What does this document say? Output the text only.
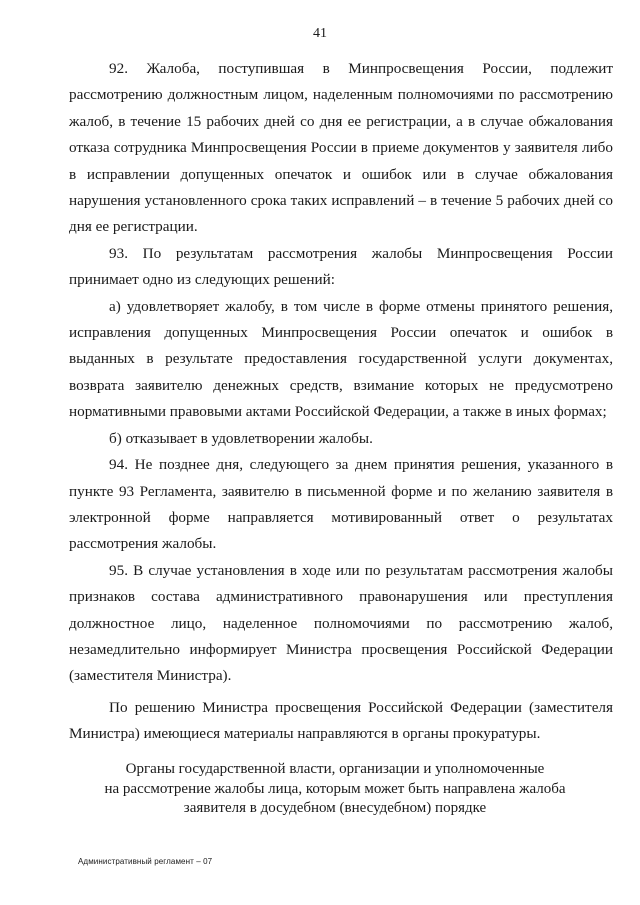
41

92. Жалоба, поступившая в Минпросвещения России, подлежит рассмотрению должностным лицом, наделенным полномочиями по рассмотрению жалоб, в течение 15 рабочих дней со дня ее регистрации, а в случае обжалования отказа сотрудника Минпросвещения России в приеме документов у заявителя либо в исправлении допущенных опечаток и ошибок или в случае обжалования нарушения установленного срока таких исправлений – в течение 5 рабочих дней со дня ее регистрации.

93. По результатам рассмотрения жалобы Минпросвещения России принимает одно из следующих решений:

а) удовлетворяет жалобу, в том числе в форме отмены принятого решения, исправления допущенных Минпросвещения России опечаток и ошибок в выданных в результате предоставления государственной услуги документах, возврата заявителю денежных средств, взимание которых не предусмотрено нормативными правовыми актами Российской Федерации, а также в иных формах;

б) отказывает в удовлетворении жалобы.

94. Не позднее дня, следующего за днем принятия решения, указанного в пункте 93 Регламента, заявителю в письменной форме и по желанию заявителя в электронной форме направляется мотивированный ответ о результатах рассмотрения жалобы.

95. В случае установления в ходе или по результатам рассмотрения жалобы признаков состава административного правонарушения или преступления должностное лицо, наделенное полномочиями по рассмотрению жалоб, незамедлительно информирует Министра просвещения Российской Федерации (заместителя Министра).

По решению Министра просвещения Российской Федерации (заместителя Министра) имеющиеся материалы направляются в органы прокуратуры.

Органы государственной власти, организации и уполномоченные
на рассмотрение жалобы лица, которым может быть направлена жалоба
заявителя в досудебном (внесудебном) порядке
Административный регламент – 07
